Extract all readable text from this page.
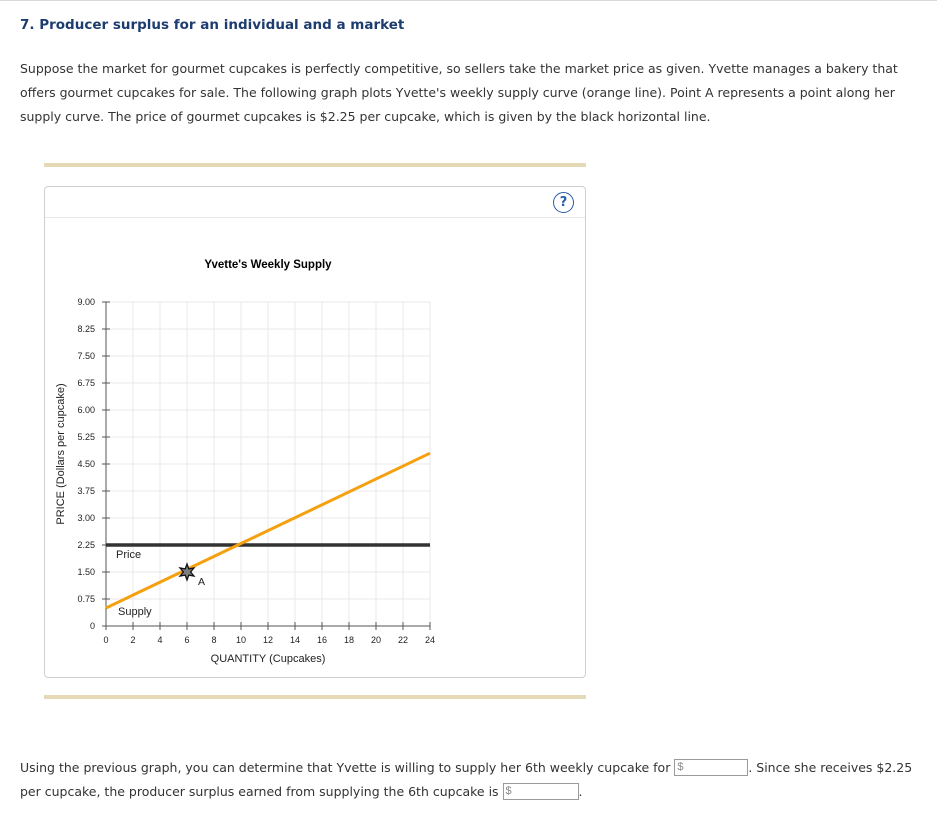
7. Producer surplus for an individual and a market

Suppose the market for gourmet cupcakes is perfectly competitive, so sellers take the market price as given. Yvette manages a bakery that offers gourmet cupcakes for sale. The following graph plots Yvette's weekly supply curve (orange line). Point A represents a point along her supply curve. The price of gourmet cupcakes is $2.25 per cupcake, which is given by the black horizontal line.

?
Yvette's Weekly Supply
0
0.75
1.50
2.25
3.00
3.75
4.50
5.25
6.00
6.75
7.50
8.25
9.00
0 2 4 6 8 10 12 14 16 18 20 22 24
Price
Supply
A
QUANTITY (Cupcakes)
PRICE (Dollars per cupcake)

Using the previous graph, you can determine that Yvette is willing to supply her 6th weekly cupcake for $	. Since she receives $2.25 per cupcake, the producer surplus earned from supplying the 6th cupcake is $	.
